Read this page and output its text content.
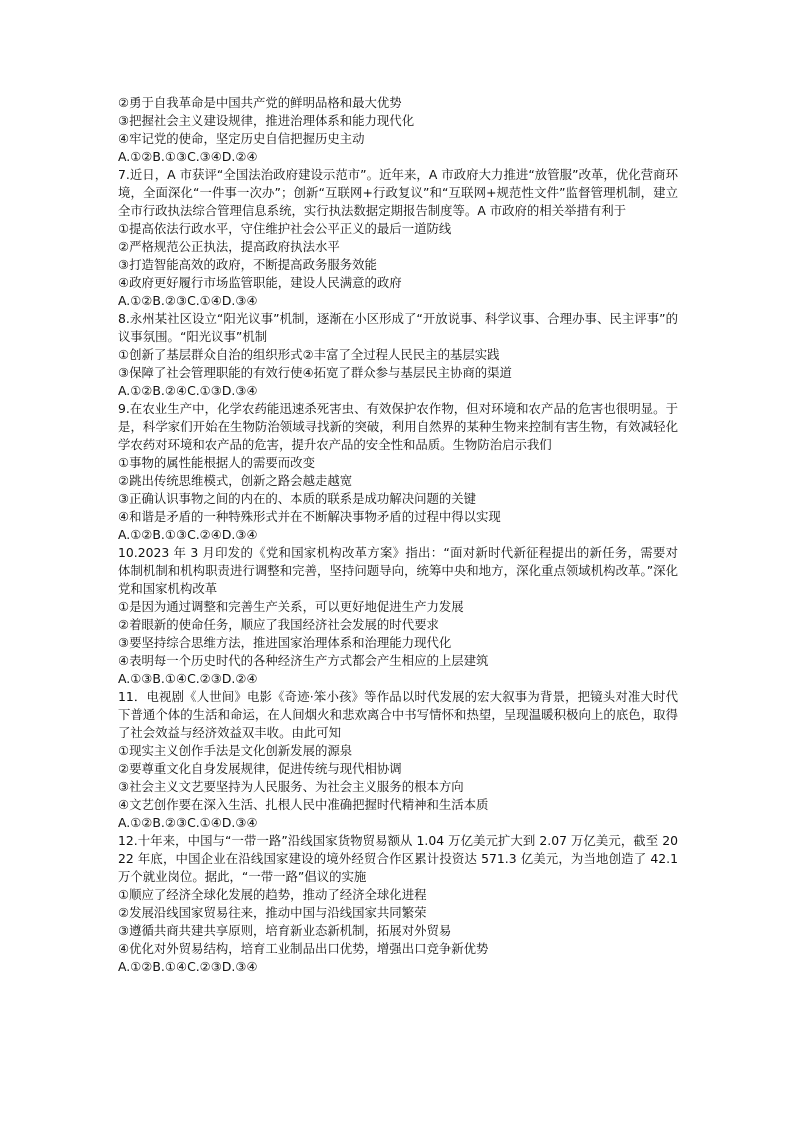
②勇于自我革命是中国共产党的鲜明品格和最大优势
③把握社会主义建设规律，推进治理体系和能力现代化
④牢记党的使命，坚定历史自信把握历史主动
A.①②B.①③C.③④D.②④
7.近日，A 市获评“全国法治政府建设示范市”。近年来，A 市政府大力推进“放管服”改革，优化营商环境，全面深化“一件事一次办”；创新“互联网+行政复议”和“互联网+规范性文件”监督管理机制，建立全市行政执法综合管理信息系统，实行执法数据定期报告制度等。A 市政府的相关举措有利于
①提高依法行政水平，守住维护社会公平正义的最后一道防线
②严格规范公正执法，提高政府执法水平
③打造智能高效的政府，不断提高政务服务效能
④政府更好履行市场监管职能，建设人民满意的政府
A.①②B.②③C.①④D.③④
8.永州某社区设立“阳光议事”机制，逐渐在小区形成了“开放说事、科学议事、合理办事、民主评事”的议事氛围。“阳光议事”机制
①创新了基层群众自治的组织形式②丰富了全过程人民民主的基层实践
③保障了社会管理职能的有效行使④拓宽了群众参与基层民主协商的渠道
A.①②B.②④C.①③D.③④
9.在农业生产中，化学农药能迅速杀死害虫、有效保护农作物，但对环境和农产品的危害也很明显。于是，科学家们开始在生物防治领域寻找新的突破，利用自然界的某种生物来控制有害生物，有效减轻化学农药对环境和农产品的危害，提升农产品的安全性和品质。生物防治启示我们
①事物的属性能根据人的需要而改变
②跳出传统思维模式，创新之路会越走越宽
③正确认识事物之间的内在的、本质的联系是成功解决问题的关键
④和谐是矛盾的一种特殊形式并在不断解决事物矛盾的过程中得以实现
A.①②B.①③C.②④D.③④
10.2023 年 3 月印发的《党和国家机构改革方案》指出：“面对新时代新征程提出的新任务，需要对体制机制和机构职责进行调整和完善，坚持问题导向，统筹中央和地方，深化重点领域机构改革。”深化党和国家机构改革
①是因为通过调整和完善生产关系，可以更好地促进生产力发展
②着眼新的使命任务，顺应了我国经济社会发展的时代要求
③要坚持综合思维方法，推进国家治理体系和治理能力现代化
④表明每一个历史时代的各种经济生产方式都会产生相应的上层建筑
A.①③B.①④C.②③D.②④
11．电视剧《人世间》电影《奇迹·笨小孩》等作品以时代发展的宏大叙事为背景，把镜头对准大时代下普通个体的生活和命运，在人间烟火和悲欢离合中书写情怀和热望，呈现温暖积极向上的底色，取得了社会效益与经济效益双丰收。由此可知
①现实主义创作手法是文化创新发展的源泉
②要尊重文化自身发展规律，促进传统与现代相协调
③社会主义文艺要坚持为人民服务、为社会主义服务的根本方向
④文艺创作要在深入生活、扎根人民中准确把握时代精神和生活本质
A.①②B.②③C.①④D.③④
12.十年来，中国与“一带一路”沿线国家货物贸易额从 1.04 万亿美元扩大到 2.07 万亿美元，截至 2022 年底，中国企业在沿线国家建设的境外经贸合作区累计投资达 571.3 亿美元，为当地创造了 42.1 万个就业岗位。据此，“一带一路”倡议的实施
①顺应了经济全球化发展的趋势，推动了经济全球化进程
②发展沿线国家贸易往来，推动中国与沿线国家共同繁荣
③遵循共商共建共享原则，培育新业态新机制，拓展对外贸易
④优化对外贸易结构，培育工业制品出口优势，增强出口竞争新优势
A.①②B.①④C.②③D.③④
